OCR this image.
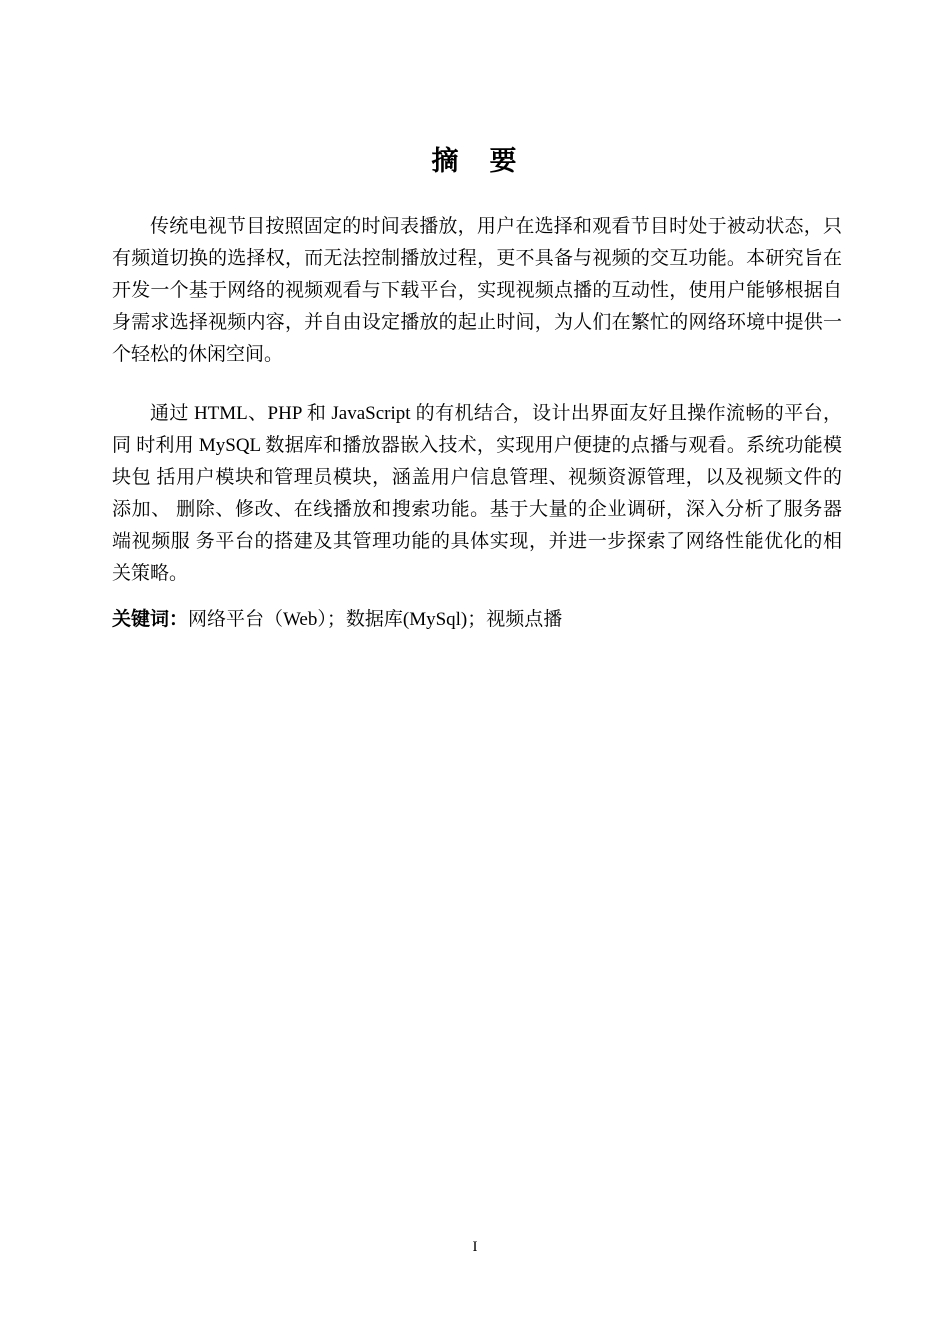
摘　要
传统电视节目按照固定的时间表播放，用户在选择和观看节目时处于被动状态，只
有频道切换的选择权，而无法控制播放过程，更不具备与视频的交互功能。本研究旨在
开发一个基于网络的视频观看与下载平台，实现视频点播的互动性，使用户能够根据自
身需求选择视频内容，并自由设定播放的起止时间，为人们在繁忙的网络环境中提供一
个轻松的休闲空间。
通过 HTML、PHP 和 JavaScript 的有机结合，设计出界面友好且操作流畅的平台，
同 时利用 MySQL 数据库和播放器嵌入技术，实现用户便捷的点播与观看。系统功能模
块包 括用户模块和管理员模块，涵盖用户信息管理、视频资源管理，以及视频文件的
添加、 删除、修改、在线播放和搜索功能。基于大量的企业调研，深入分析了服务器
端视频服 务平台的搭建及其管理功能的具体实现，并进一步探索了网络性能优化的相
关策略。
关键词：网络平台（Web）；数据库(MySql)；视频点播
I
